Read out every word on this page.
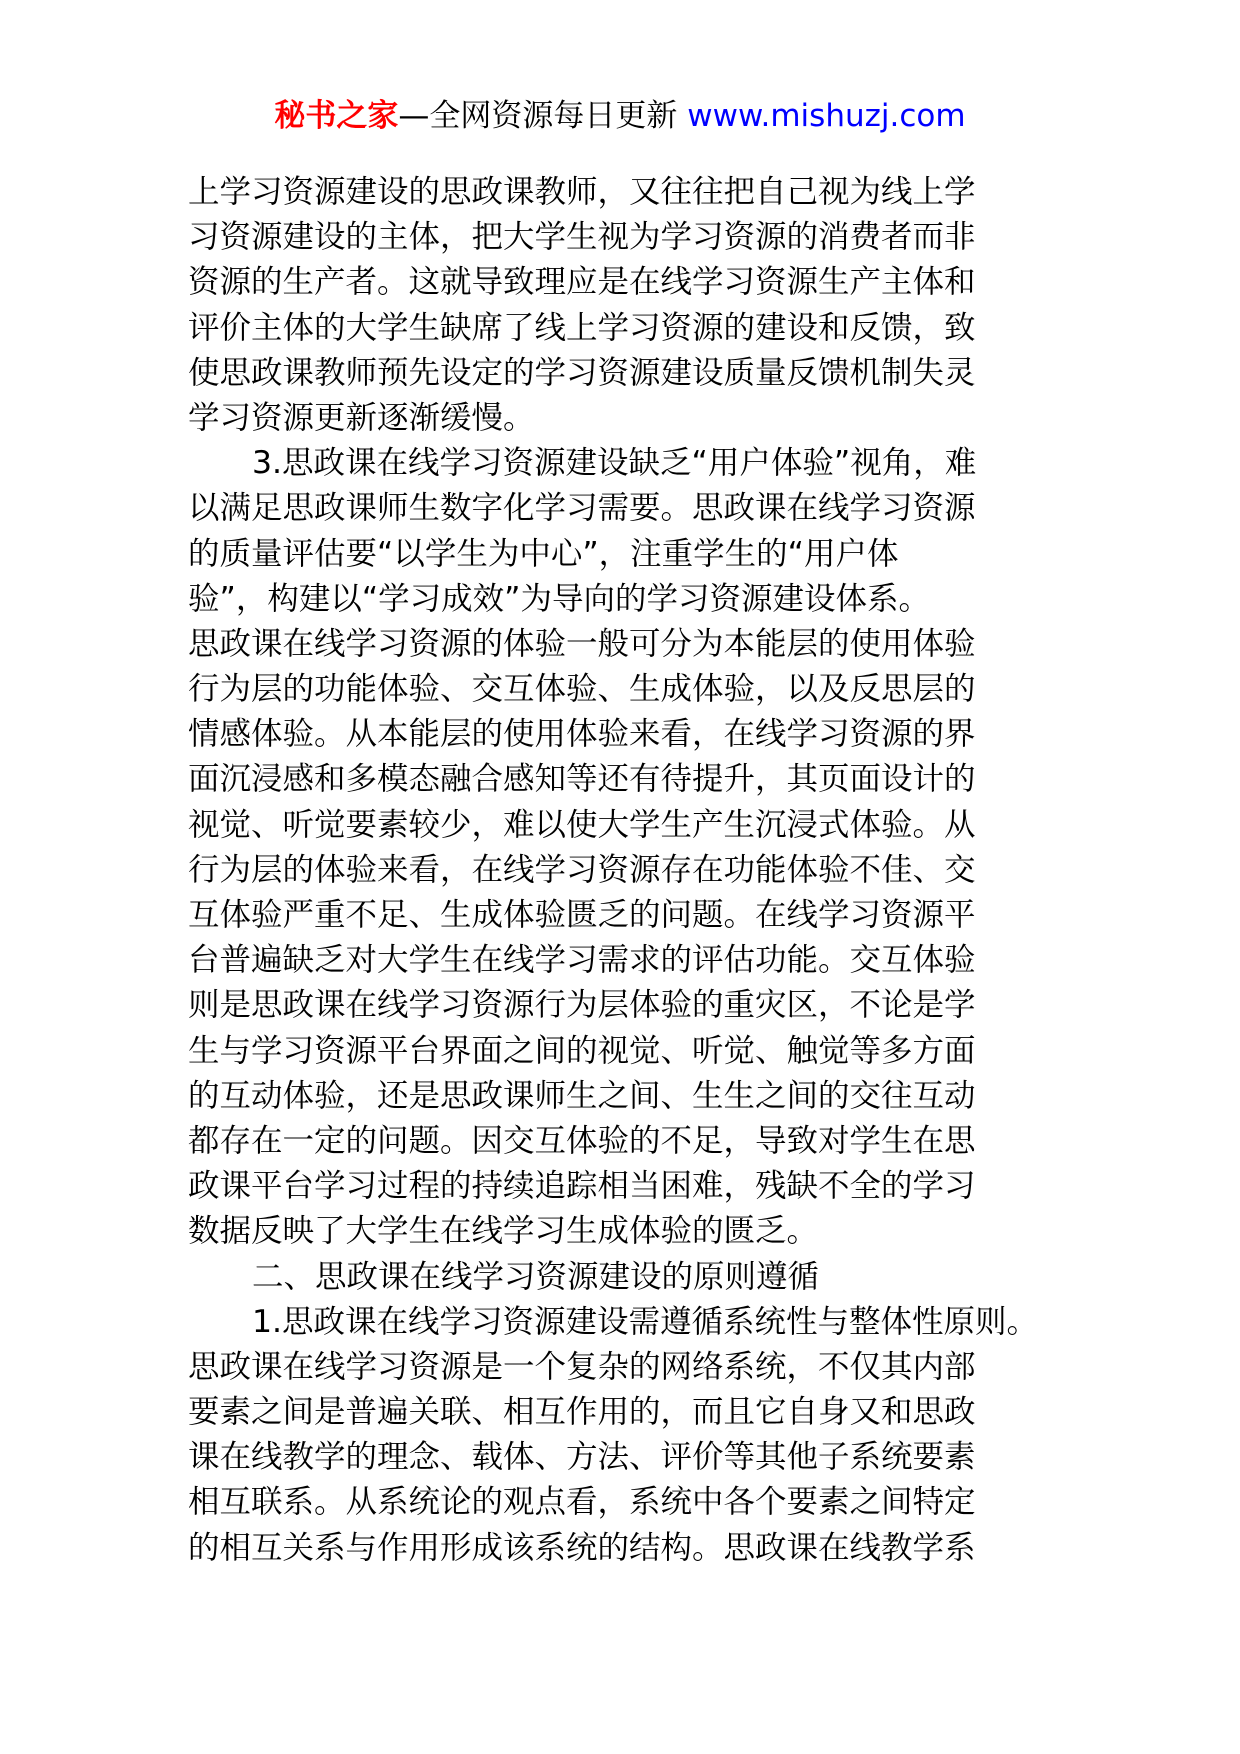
秘书之家—全网资源每日更新 www.mishuzj.com
上学习资源建设的思政课教师，又往往把自己视为线上学
习资源建设的主体，把大学生视为学习资源的消费者而非
资源的生产者。这就导致理应是在线学习资源生产主体和
评价主体的大学生缺席了线上学习资源的建设和反馈，致
使思政课教师预先设定的学习资源建设质量反馈机制失灵
学习资源更新逐渐缓慢。
3.思政课在线学习资源建设缺乏“用户体验”视角，难
以满足思政课师生数字化学习需要。思政课在线学习资源
的质量评估要“以学生为中心”，注重学生的“用户体
验”，构建以“学习成效”为导向的学习资源建设体系。
思政课在线学习资源的体验一般可分为本能层的使用体验
行为层的功能体验、交互体验、生成体验，以及反思层的
情感体验。从本能层的使用体验来看，在线学习资源的界
面沉浸感和多模态融合感知等还有待提升，其页面设计的
视觉、听觉要素较少，难以使大学生产生沉浸式体验。从
行为层的体验来看，在线学习资源存在功能体验不佳、交
互体验严重不足、生成体验匮乏的问题。在线学习资源平
台普遍缺乏对大学生在线学习需求的评估功能。交互体验
则是思政课在线学习资源行为层体验的重灾区，不论是学
生与学习资源平台界面之间的视觉、听觉、触觉等多方面
的互动体验，还是思政课师生之间、生生之间的交往互动
都存在一定的问题。因交互体验的不足，导致对学生在思
政课平台学习过程的持续追踪相当困难，残缺不全的学习
数据反映了大学生在线学习生成体验的匮乏。
二、思政课在线学习资源建设的原则遵循
1.思政课在线学习资源建设需遵循系统性与整体性原则。
思政课在线学习资源是一个复杂的网络系统，不仅其内部
要素之间是普遍关联、相互作用的，而且它自身又和思政
课在线教学的理念、载体、方法、评价等其他子系统要素
相互联系。从系统论的观点看，系统中各个要素之间特定
的相互关系与作用形成该系统的结构。思政课在线教学系
